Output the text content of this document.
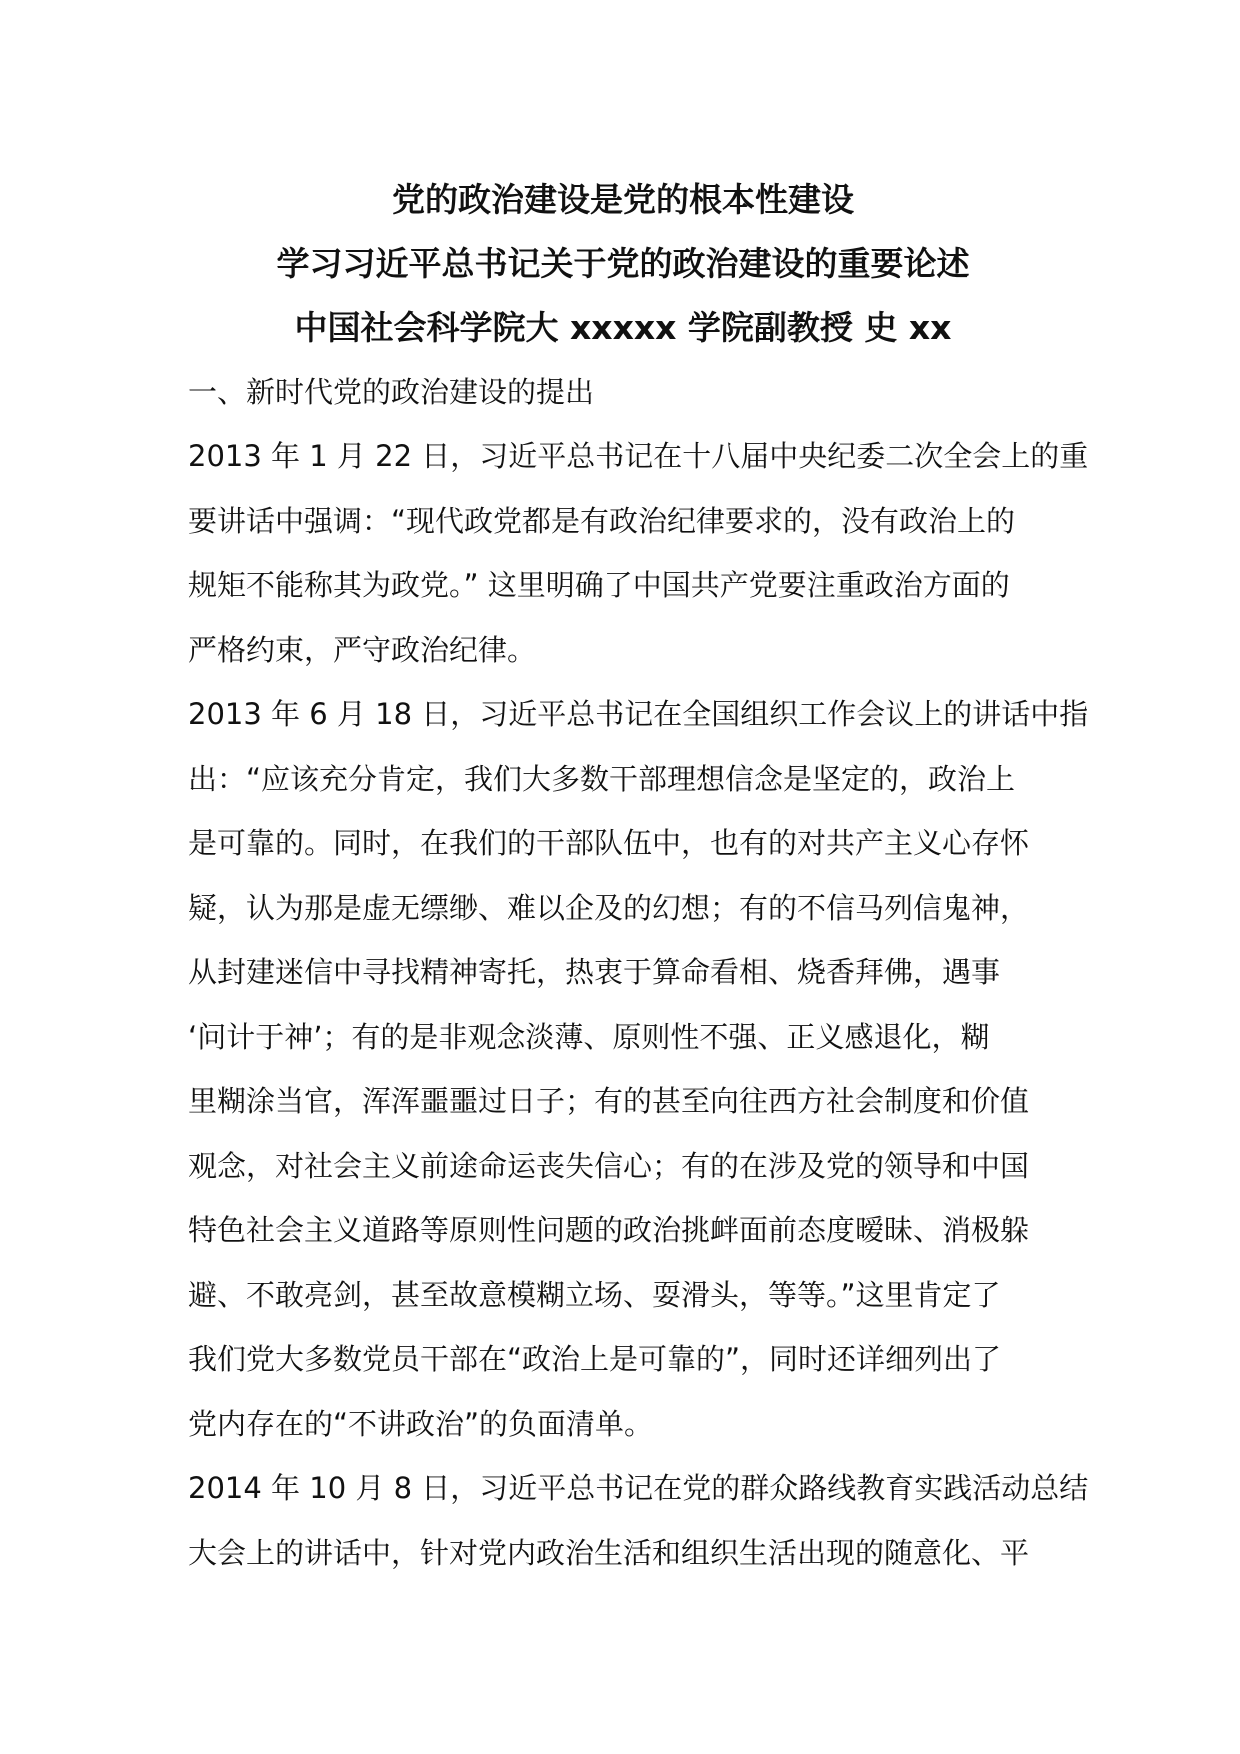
党的政治建设是党的根本性建设
学习习近平总书记关于党的政治建设的重要论述
中国社会科学院大 xxxxx 学院副教授 史 xx
一、新时代党的政治建设的提出
2013 年 1 月 22 日，习近平总书记在十八届中央纪委二次全会上的重
要讲话中强调：“现代政党都是有政治纪律要求的，没有政治上的
规矩不能称其为政党。” 这里明确了中国共产党要注重政治方面的
严格约束，严守政治纪律。
2013 年 6 月 18 日，习近平总书记在全国组织工作会议上的讲话中指
出：“应该充分肯定，我们大多数干部理想信念是坚定的，政治上
是可靠的。同时，在我们的干部队伍中，也有的对共产主义心存怀
疑，认为那是虚无缥缈、难以企及的幻想；有的不信马列信鬼神，
从封建迷信中寻找精神寄托，热衷于算命看相、烧香拜佛，遇事
‘问计于神’；有的是非观念淡薄、原则性不强、正义感退化，糊
里糊涂当官，浑浑噩噩过日子；有的甚至向往西方社会制度和价值
观念，对社会主义前途命运丧失信心；有的在涉及党的领导和中国
特色社会主义道路等原则性问题的政治挑衅面前态度暧昧、消极躲
避、不敢亮剑，甚至故意模糊立场、耍滑头，等等。”这里肯定了
我们党大多数党员干部在“政治上是可靠的”，同时还详细列出了
党内存在的“不讲政治”的负面清单。
2014 年 10 月 8 日，习近平总书记在党的群众路线教育实践活动总结
大会上的讲话中，针对党内政治生活和组织生活出现的随意化、平
